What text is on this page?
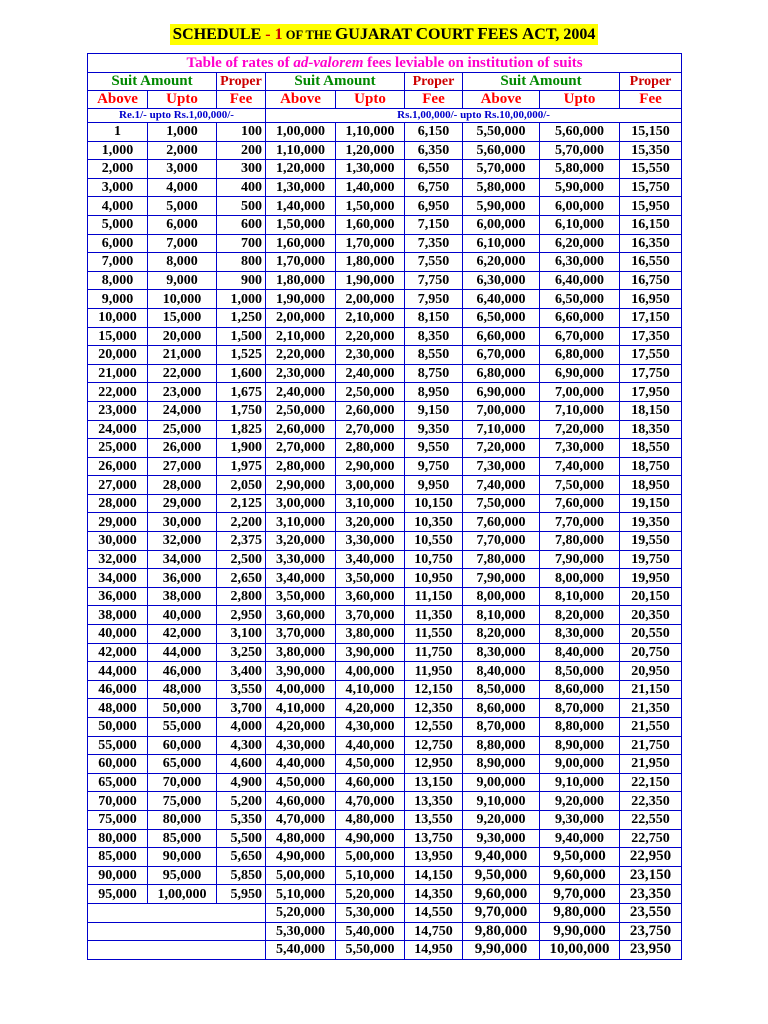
SCHEDULE - 1 OF THE GUJARAT COURT FEES ACT, 2004
Table of rates of ad-valorem fees leviable on institution of suits								
Suit Amount		Proper	Suit Amount		Proper	Suit Amount		Proper
Above	Upto	Fee	Above	Upto	Fee	Above	Upto	Fee
Re.1/- upto Rs.1,00,000/-			Rs.1,00,000/- upto Rs.10,00,000/-					
1	1,000	100	1,00,000	1,10,000	6,150	5,50,000	5,60,000	15,150
1,000	2,000	200	1,10,000	1,20,000	6,350	5,60,000	5,70,000	15,350
2,000	3,000	300	1,20,000	1,30,000	6,550	5,70,000	5,80,000	15,550
3,000	4,000	400	1,30,000	1,40,000	6,750	5,80,000	5,90,000	15,750
4,000	5,000	500	1,40,000	1,50,000	6,950	5,90,000	6,00,000	15,950
5,000	6,000	600	1,50,000	1,60,000	7,150	6,00,000	6,10,000	16,150
6,000	7,000	700	1,60,000	1,70,000	7,350	6,10,000	6,20,000	16,350
7,000	8,000	800	1,70,000	1,80,000	7,550	6,20,000	6,30,000	16,550
8,000	9,000	900	1,80,000	1,90,000	7,750	6,30,000	6,40,000	16,750
9,000	10,000	1,000	1,90,000	2,00,000	7,950	6,40,000	6,50,000	16,950
10,000	15,000	1,250	2,00,000	2,10,000	8,150	6,50,000	6,60,000	17,150
15,000	20,000	1,500	2,10,000	2,20,000	8,350	6,60,000	6,70,000	17,350
20,000	21,000	1,525	2,20,000	2,30,000	8,550	6,70,000	6,80,000	17,550
21,000	22,000	1,600	2,30,000	2,40,000	8,750	6,80,000	6,90,000	17,750
22,000	23,000	1,675	2,40,000	2,50,000	8,950	6,90,000	7,00,000	17,950
23,000	24,000	1,750	2,50,000	2,60,000	9,150	7,00,000	7,10,000	18,150
24,000	25,000	1,825	2,60,000	2,70,000	9,350	7,10,000	7,20,000	18,350
25,000	26,000	1,900	2,70,000	2,80,000	9,550	7,20,000	7,30,000	18,550
26,000	27,000	1,975	2,80,000	2,90,000	9,750	7,30,000	7,40,000	18,750
27,000	28,000	2,050	2,90,000	3,00,000	9,950	7,40,000	7,50,000	18,950
28,000	29,000	2,125	3,00,000	3,10,000	10,150	7,50,000	7,60,000	19,150
29,000	30,000	2,200	3,10,000	3,20,000	10,350	7,60,000	7,70,000	19,350
30,000	32,000	2,375	3,20,000	3,30,000	10,550	7,70,000	7,80,000	19,550
32,000	34,000	2,500	3,30,000	3,40,000	10,750	7,80,000	7,90,000	19,750
34,000	36,000	2,650	3,40,000	3,50,000	10,950	7,90,000	8,00,000	19,950
36,000	38,000	2,800	3,50,000	3,60,000	11,150	8,00,000	8,10,000	20,150
38,000	40,000	2,950	3,60,000	3,70,000	11,350	8,10,000	8,20,000	20,350
40,000	42,000	3,100	3,70,000	3,80,000	11,550	8,20,000	8,30,000	20,550
42,000	44,000	3,250	3,80,000	3,90,000	11,750	8,30,000	8,40,000	20,750
44,000	46,000	3,400	3,90,000	4,00,000	11,950	8,40,000	8,50,000	20,950
46,000	48,000	3,550	4,00,000	4,10,000	12,150	8,50,000	8,60,000	21,150
48,000	50,000	3,700	4,10,000	4,20,000	12,350	8,60,000	8,70,000	21,350
50,000	55,000	4,000	4,20,000	4,30,000	12,550	8,70,000	8,80,000	21,550
55,000	60,000	4,300	4,30,000	4,40,000	12,750	8,80,000	8,90,000	21,750
60,000	65,000	4,600	4,40,000	4,50,000	12,950	8,90,000	9,00,000	21,950
65,000	70,000	4,900	4,50,000	4,60,000	13,150	9,00,000	9,10,000	22,150
70,000	75,000	5,200	4,60,000	4,70,000	13,350	9,10,000	9,20,000	22,350
75,000	80,000	5,350	4,70,000	4,80,000	13,550	9,20,000	9,30,000	22,550
80,000	85,000	5,500	4,80,000	4,90,000	13,750	9,30,000	9,40,000	22,750
85,000	90,000	5,650	4,90,000	5,00,000	13,950	9,40,000	9,50,000	22,950
90,000	95,000	5,850	5,00,000	5,10,000	14,150	9,50,000	9,60,000	23,150
95,000	1,00,000	5,950	5,10,000	5,20,000	14,350	9,60,000	9,70,000	23,350
			5,20,000	5,30,000	14,550	9,70,000	9,80,000	23,550
			5,30,000	5,40,000	14,750	9,80,000	9,90,000	23,750
			5,40,000	5,50,000	14,950	9,90,000	10,00,000	23,950
